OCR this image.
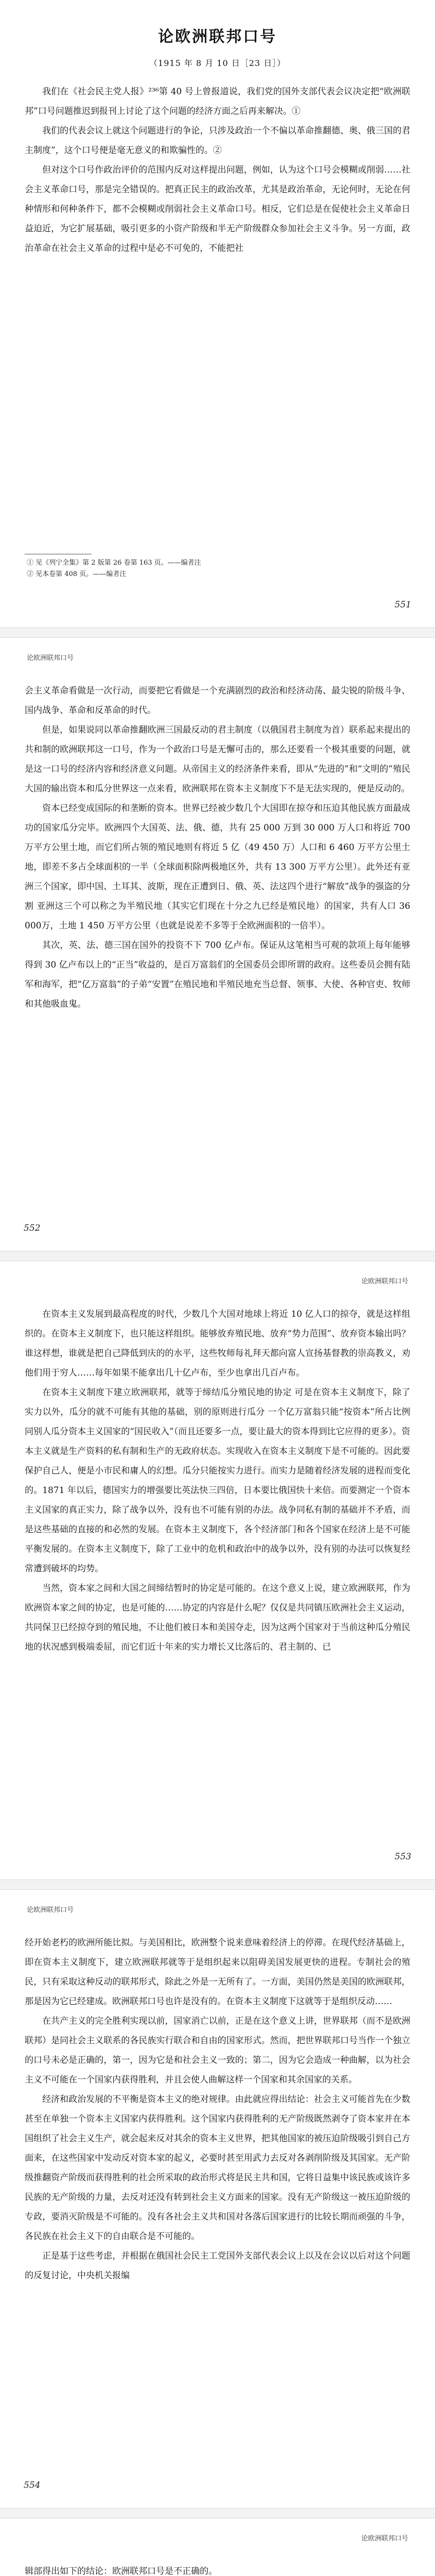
论欧洲联邦口号
（1915 年 8 月 10 日［23 日］）

我们在《社会民主党人报》²³⁶第 40 号上曾报道说，我们党的国外支部代表会议决定把“欧洲联邦”口号问题推迟到报刊上讨论了这个问题的经济方面之后再来解决。①

我们的代表会议上就这个问题进行的争论，只涉及政治一个不偏以革命推翻德、奥、俄三国的君主制度”，这个口号便是毫无意义的和欺骗性的。②

但对这个口号作政治评价的范围内反对这样提出问题，例如，认为这个口号会模糊或削弱……社会主义革命口号，那是完全错误的。把真正民主的政治改革，尤其是政治革命，无论何时，无论在何种情形和何种条件下，都不会模糊或削弱社会主义革命口号。相反，它们总是在促使社会主义革命日益迫近，为它扩展基础，吸引更多的小资产阶级和半无产阶级群众参加社会主义斗争。另一方面，政治革命在社会主义革命的过程中是必不可免的，不能把社

① 见《列宁全集》第 2 版第 26 卷第 163 页。——编者注
② 见本卷第 408 页。——编者注
551
论欧洲联邦口号

会主义革命看做是一次行动，而要把它看做是一个充满剧烈的政治和经济动荡、最尖锐的阶级斗争、国内战争、革命和反革命的时代。

但是，如果说同以革命推翻欧洲三国最反动的君主制度（以俄国君主制度为首）联系起来提出的共和制的欧洲联邦这一口号，作为一个政治口号是无懈可击的，那么还要看一个极其重要的问题，就是这一口号的经济内容和经济意义问题。从帝国主义的经济条件来看，即从“先进的”和“文明的”殖民大国的输出资本和瓜分世界这一点来看，欧洲联邦在资本主义制度下不是无法实现的，便是反动的。

资本已经变成国际的和垄断的资本。世界已经被少数几个大国即在掠夺和压迫其他民族方面最成功的国家瓜分完毕。欧洲四个大国英、法、俄、德，共有 25 000 万到 30 000 万人口和将近 700 万平方公里土地，而它们所占领的殖民地则有将近 5 亿（49 450 万）人口和 6 460 万平方公里土地，即差不多占全球面积的一半（全球面积除两极地区外，共有 13 300 万平方公里）。此外还有亚洲三个国家，即中国、土耳其、波斯，现在正遭到日、俄、英、法这四个进行“解放”战争的强盗的分割 亚洲这三个可以称之为半殖民地（其实它们现在十分之九已经是殖民地）的国家，共有人口 36 000万，土地 1 450 万平方公里（也就是说差不多等于全欧洲面积的一倍半）。

其次，英、法、德三国在国外的投资不下 700 亿卢布。保证从这笔相当可观的款项上每年能够得到 30 亿卢布以上的“正当”收益的，是百万富翁们的全国委员会即所谓的政府。这些委员会拥有陆军和海军，把“亿万富翁”的子弟“安置”在殖民地和半殖民地充当总督、领事、大使、各种官吏、牧师和其他吸血鬼。

552
论欧洲联邦口号

在资本主义发展到最高程度的时代，少数几个大国对地球上将近 10 亿人口的掠夺，就是这样组织的。在资本主义制度下，也只能这样组织。能够放弃殖民地、放弃“势力范围”、放弃资本输出吗？谁这样想，谁就是把自己降低到庆的的水平，这些牧师每礼拜天都向富人宣扬基督教的崇高教义，劝他们用于穷人……每年如果不能拿出几十亿卢布，至少也拿出几百卢布。

在资本主义制度下建立欧洲联邦，就等于缔结瓜分殖民地的协定 可是在资本主义制度下，除了实力以外，瓜分的就不可能有其他的基础，别的原则进行瓜分 一个亿万富翁只能“按资本”所占比例同别人瓜分资本主义国家的“国民收入”（而且还要多一点，要让最大的资本得到比它应得的更多）。资本主义就是生产资料的私有制和生产的无政府状态。实现收入在资本主义制度下是不可能的。因此要保护自己人，便是小市民和庸人的幻想。瓜分只能按实力进行。而实力是随着经济发展的进程而变化的。1871 年以后，德国实力的增强要比英法快三四倍，日本要比俄国快十来倍。而要测定一个资本主义国家的真正实力，除了战争以外，没有也不可能有别的办法。战争同私有制的基础并不矛盾，而是这些基础的直接的和必然的发展。在资本主义制度下，各个经济部门和各个国家在经济上是不可能平衡发展的。在资本主义制度下，除了工业中的危机和政治中的战争以外，没有别的办法可以恢复经常遭到破坏的均势。

当然，资本家之间和大国之间缔结暂时的协定是可能的。在这个意义上说，建立欧洲联邦，作为欧洲资本家之间的协定，也是可能的……协定的内容是什么呢？仅仅是共同镇压欧洲社会主义运动，共同保卫已经掠夺到的殖民地，不让他们被日本和美国夺走，因为这两个国家对于当前这种瓜分殖民地的状况感到极端委屈，而它们近十年来的实力增长又比落后的、君主制的、已

553
论欧洲联邦口号

经开始老朽的欧洲所能比拟。与美国相比，欧洲整个说来意味着经济上的停滞。在现代经济基础上，即在资本主义制度下，建立欧洲联邦就等于是组织起来以阻碍美国发展更快的进程。专制社会的殖民，只有采取这种反动的联邦形式，除此之外是一无所有了。一方面，美国仍然是美国的欧洲联邦，那是因为它已经建成。欧洲联邦口号也许是没有的。在资本主义制度下这就等于是组织反动……

在共产主义的完全胜利实现以前，国家消亡以前，正是在这个意义上讲，世界联邦（而不是欧洲联邦）是同社会主义联系的各民族实行联合和自由的国家形式。然而，把世界联邦口号当作一个独立的口号未必是正确的，第一，因为它是和社会主义一致的；第二，因为它会造成一种曲解，以为社会主义不可能在一个国家内获得胜利，并且会使人曲解这样一个国家和其余国家的关系。

经济和政治发展的不平衡是资本主义的绝对规律。由此就应得出结论：社会主义可能首先在少数甚至在单独一个资本主义国家内获得胜利。这个国家内获得胜利的无产阶级既然剥夺了资本家并在本国组织了社会主义生产，就会起来反对其余的资本主义世界，把其他国家的被压迫阶级吸引到自己方面来，在这些国家中发动反对资本家的起义，必要时甚至用武力去反对各剥削阶级及其国家。无产阶级推翻资产阶级而获得胜利的社会所采取的政治形式将是民主共和国，它将日益集中该民族或该许多民族的无产阶级的力量，去反对还没有转到社会主义方面来的国家。没有无产阶级这一被压迫阶级的专政，要消灭阶级是不可能的。没有各社会主义共和国对各落后国家进行的比较长期而顽强的斗争，各民族在社会主义下的自由联合是不可能的。

正是基于这些考虑，并根据在俄国社会民主工党国外支部代表会议上以及在会议以后对这个问题的反复讨论，中央机关报编

554
论欧洲联邦口号

辑部得出如下的结论：欧洲联邦口号是不正确的。
